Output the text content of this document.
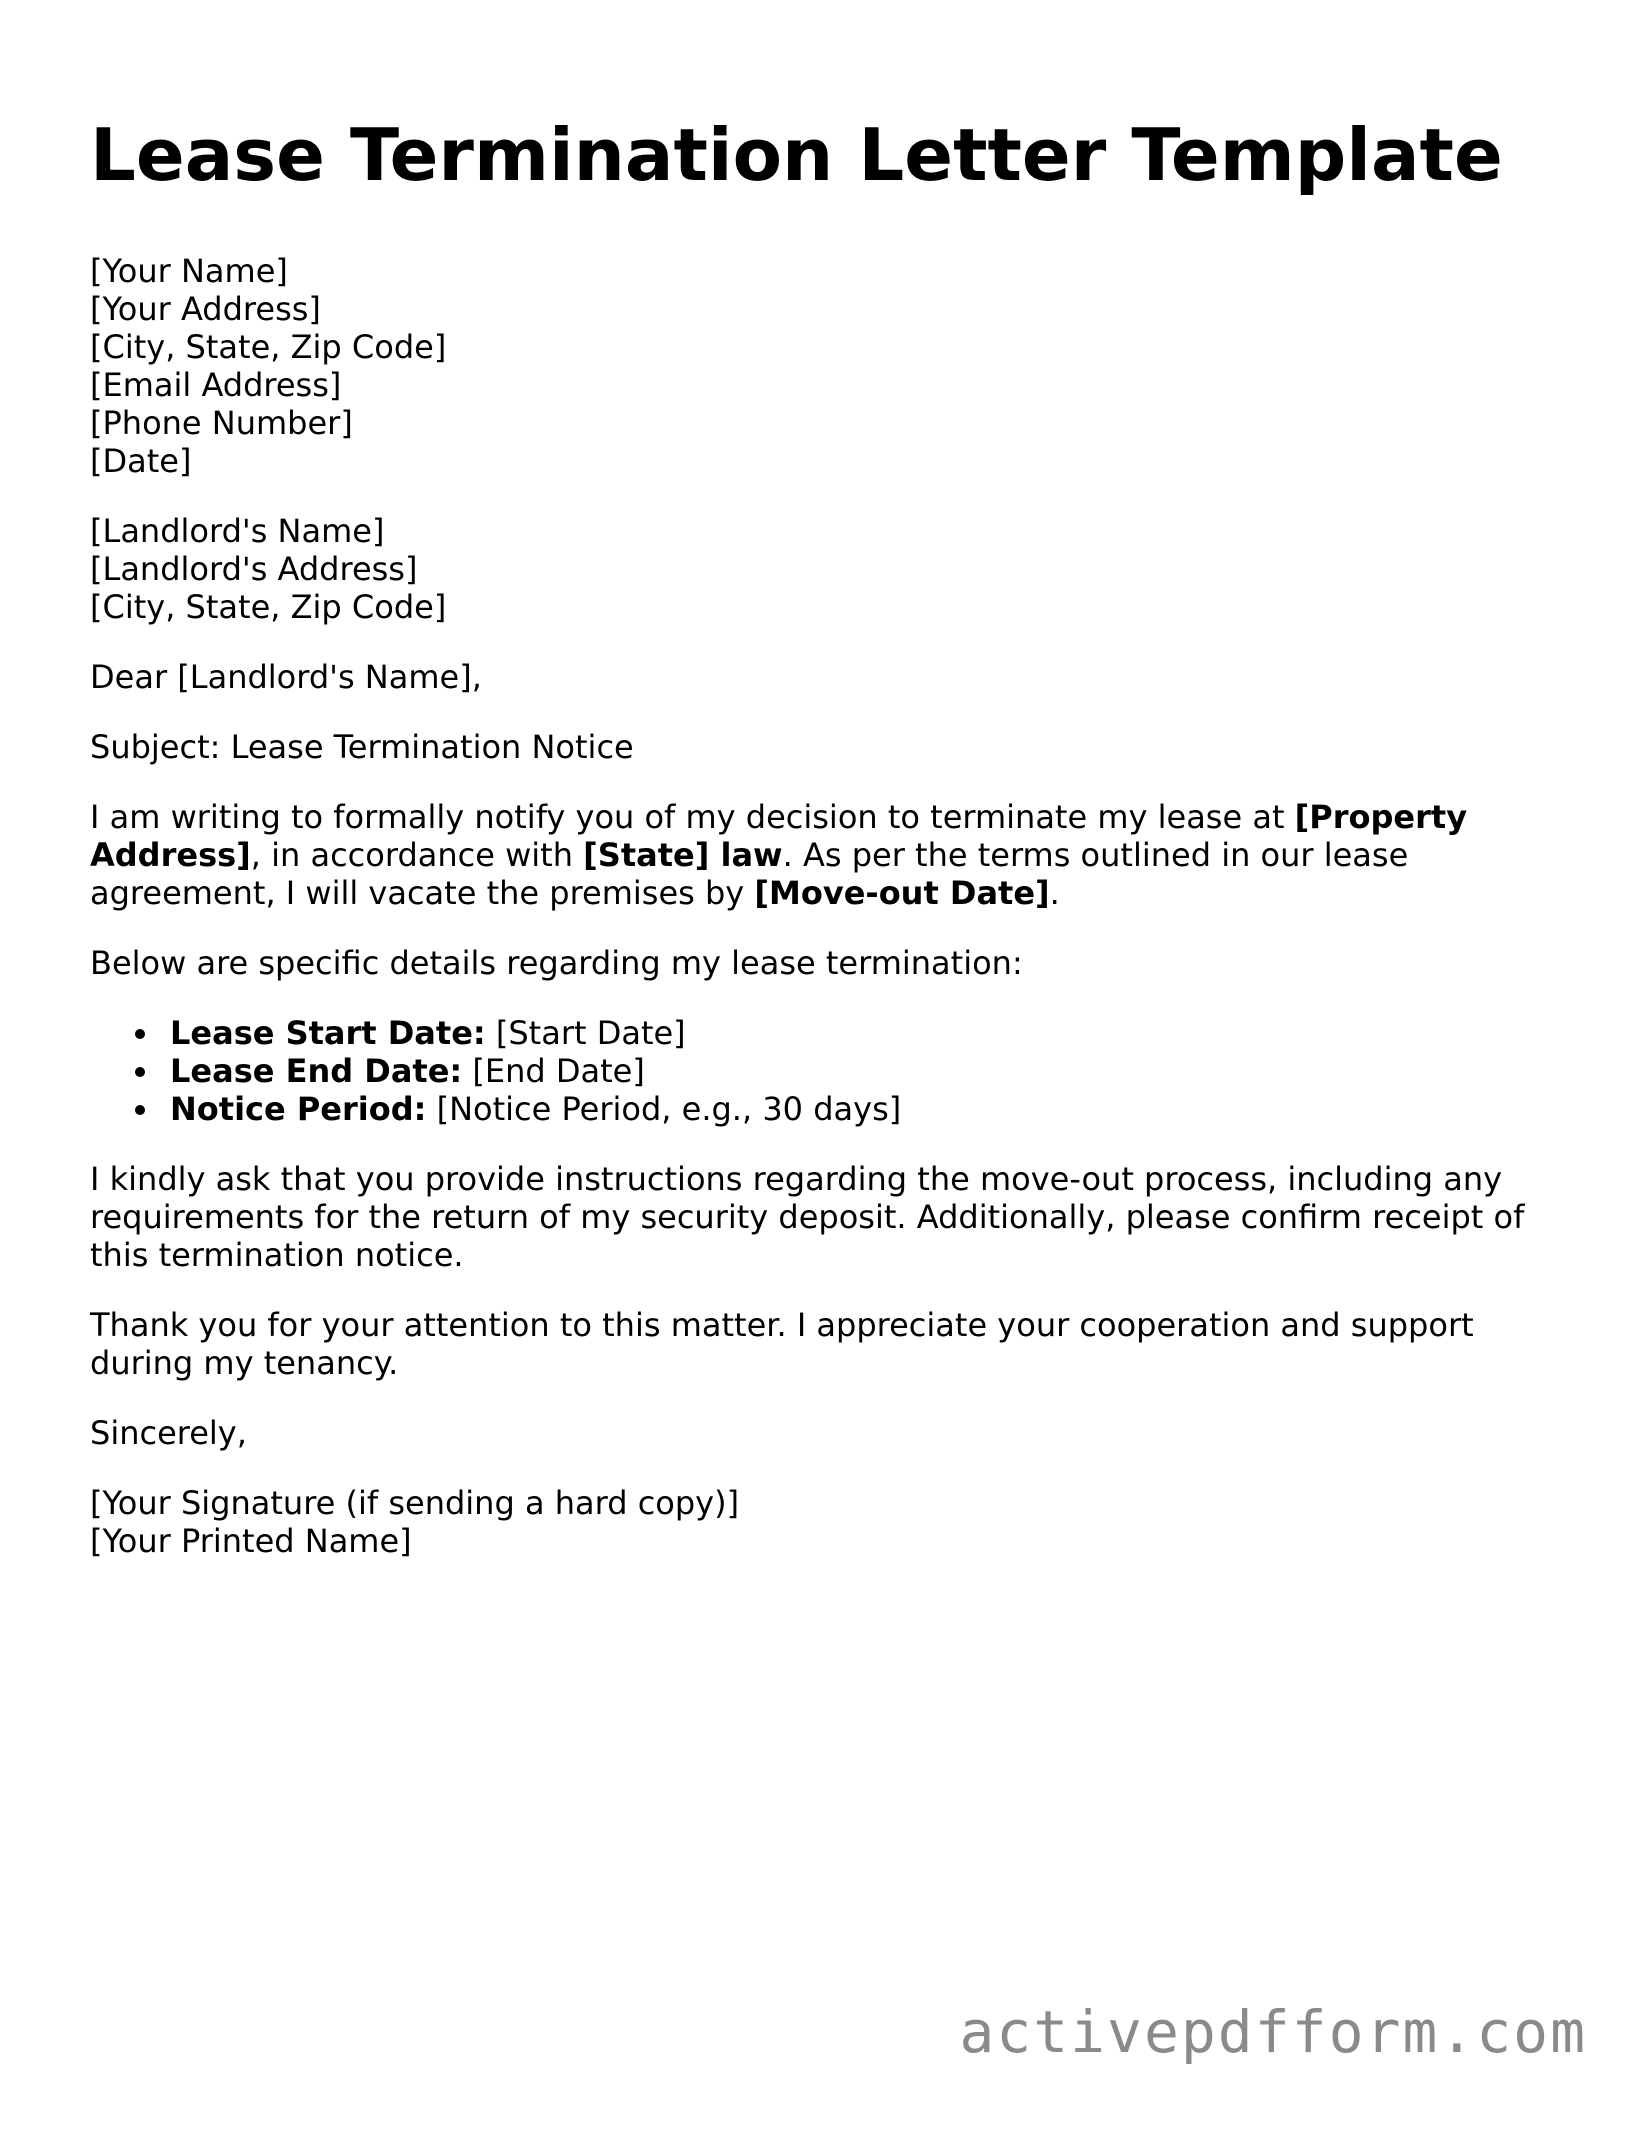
Lease Termination Letter Template
[Your Name]
[Your Address]
[City, State, Zip Code]
[Email Address]
[Phone Number]
[Date]
[Landlord's Name]
[Landlord's Address]
[City, State, Zip Code]
Dear [Landlord's Name],
Subject: Lease Termination Notice

I am writing to formally notify you of my decision to terminate my lease at [Property Address], in accordance with [State] law. As per the terms outlined in our lease agreement, I will vacate the premises by [Move-out Date].

Below are specific details regarding my lease termination:
Lease Start Date: [Start Date]
Lease End Date: [End Date]
Notice Period: [Notice Period, e.g., 30 days]

I kindly ask that you provide instructions regarding the move-out process, including any requirements for the return of my security deposit. Additionally, please confirm receipt of this termination notice.

Thank you for your attention to this matter. I appreciate your cooperation and support during my tenancy.

Sincerely,
[Your Signature (if sending a hard copy)]
[Your Printed Name]
activepdfform.com
